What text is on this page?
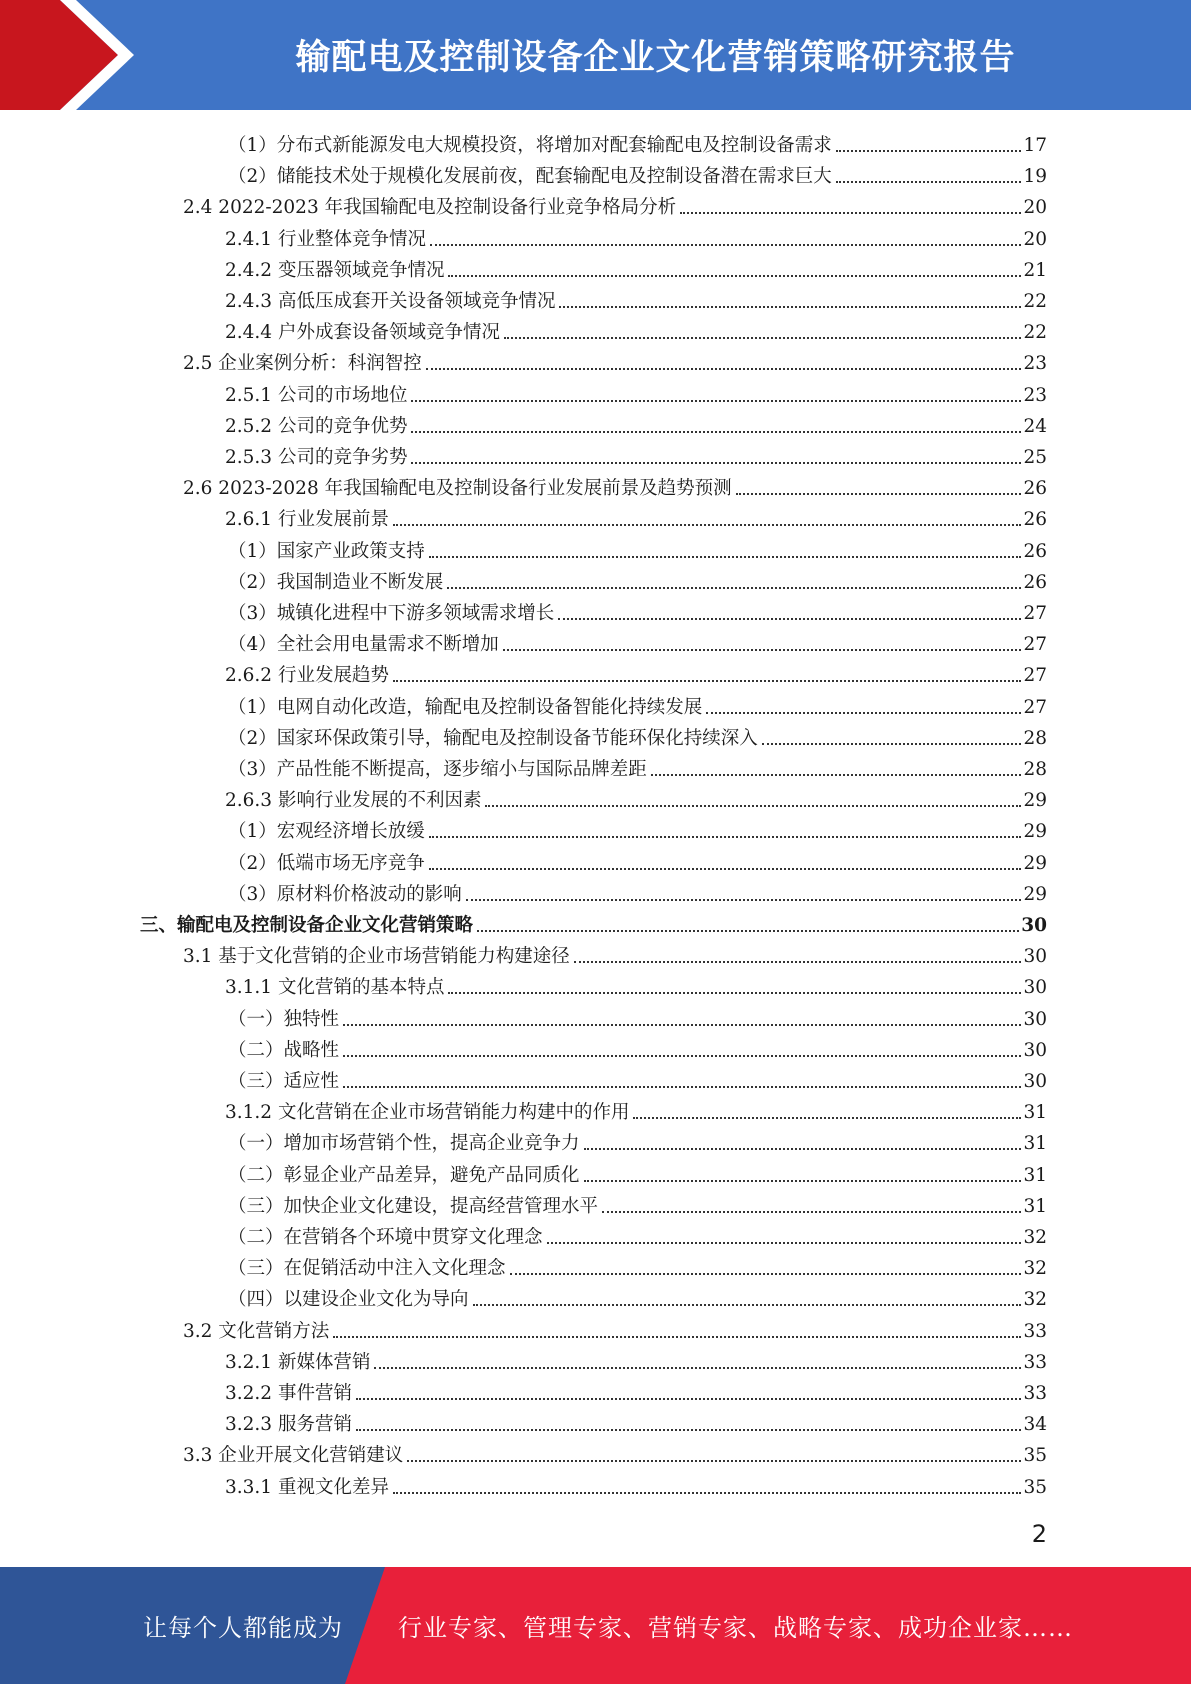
输配电及控制设备企业文化营销策略研究报告
（1）分布式新能源发电大规模投资，将增加对配套输配电及控制设备需求	17
（2）储能技术处于规模化发展前夜，配套输配电及控制设备潜在需求巨大	19
2.4 2022-2023 年我国输配电及控制设备行业竞争格局分析	20
2.4.1 行业整体竞争情况	20
2.4.2 变压器领域竞争情况	21
2.4.3 高低压成套开关设备领域竞争情况	22
2.4.4 户外成套设备领域竞争情况	22
2.5 企业案例分析：科润智控	23
2.5.1 公司的市场地位	23
2.5.2 公司的竞争优势	24
2.5.3 公司的竞争劣势	25
2.6 2023-2028 年我国输配电及控制设备行业发展前景及趋势预测	26
2.6.1 行业发展前景	26
（1）国家产业政策支持	26
（2）我国制造业不断发展	26
（3）城镇化进程中下游多领域需求增长	27
（4）全社会用电量需求不断增加	27
2.6.2 行业发展趋势	27
（1）电网自动化改造，输配电及控制设备智能化持续发展	27
（2）国家环保政策引导，输配电及控制设备节能环保化持续深入	28
（3）产品性能不断提高，逐步缩小与国际品牌差距	28
2.6.3 影响行业发展的不利因素	29
（1）宏观经济增长放缓	29
（2）低端市场无序竞争	29
（3）原材料价格波动的影响	29
三、输配电及控制设备企业文化营销策略	30
3.1 基于文化营销的企业市场营销能力构建途径	30
3.1.1 文化营销的基本特点	30
（一）独特性	30
（二）战略性	30
（三）适应性	30
3.1.2 文化营销在企业市场营销能力构建中的作用	31
（一）增加市场营销个性，提高企业竞争力	31
（二）彰显企业产品差异，避免产品同质化	31
（三）加快企业文化建设，提高经营管理水平	31
（二）在营销各个环境中贯穿文化理念	32
（三）在促销活动中注入文化理念	32
（四）以建设企业文化为导向	32
3.2 文化营销方法	33
3.2.1 新媒体营销	33
3.2.2 事件营销	33
3.2.3 服务营销	34
3.3 企业开展文化营销建议	35
3.3.1 重视文化差异	35
2
让每个人都能成为 行业专家、管理专家、营销专家、战略专家、成功企业家……
